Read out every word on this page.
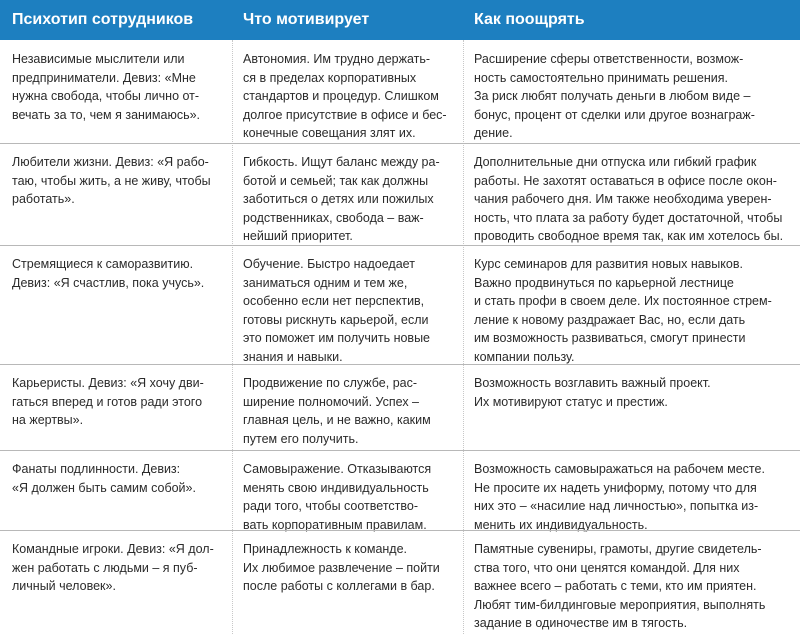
Психотип сотрудников	Что мотивирует	Как поощрять
Независимые мыслители или
предприниматели. Девиз: «Мне
нужна свобода, чтобы лично от-
вечать за то, чем я занимаюсь».
Автономия. Им трудно держать-
ся в пределах корпоративных
стандартов и процедур. Слишком
долгое присутствие в офисе и бес-
конечные совещания злят их.
Расширение сферы ответственности, возмож-
ность самостоятельно принимать решения.
За риск любят получать деньги в любом виде –
бонус, процент от сделки или другое вознаграж-
дение.
Любители жизни. Девиз: «Я рабо-
таю, чтобы жить, а не живу, чтобы
работать».
Гибкость. Ищут баланс между ра-
ботой и семьей; так как должны
заботиться о детях или пожилых
родственниках, свобода – важ-
нейший приоритет.
Дополнительные дни отпуска или гибкий график
работы. Не захотят оставаться в офисе после окон-
чания рабочего дня. Им также необходима уверен-
ность, что плата за работу будет достаточной, чтобы
проводить свободное время так, как им хотелось бы.
Стремящиеся к саморазвитию.
Девиз: «Я счастлив, пока учусь».
Обучение. Быстро надоедает
заниматься одним и тем же,
особенно если нет перспектив,
готовы рискнуть карьерой, если
это поможет им получить новые
знания и навыки.
Курс семинаров для развития новых навыков.
Важно продвинуться по карьерной лестнице
и стать профи в своем деле. Их постоянное стрем-
ление к новому раздражает Вас, но, если дать
им возможность развиваться, смогут принести
компании пользу.
Карьеристы. Девиз: «Я хочу дви-
гаться вперед и готов ради этого
на жертвы».
Продвижение по службе, рас-
ширение полномочий. Успех –
главная цель, и не важно, каким
путем его получить.
Возможность возглавить важный проект.
Их мотивируют статус и престиж.
Фанаты подлинности. Девиз:
«Я должен быть самим собой».
Самовыражение. Отказываются
менять свою индивидуальность
ради того, чтобы соответство-
вать корпоративным правилам.
Возможность самовыражаться на рабочем месте.
Не просите их надеть униформу, потому что для
них это – «насилие над личностью», попытка из-
менить их индивидуальность.
Командные игроки. Девиз: «Я дол-
жен работать с людьми – я пуб-
личный человек».
Принадлежность к команде.
Их любимое развлечение – пойти
после работы с коллегами в бар.
Памятные сувениры, грамоты, другие свидетель-
ства того, что они ценятся командой. Для них
важнее всего – работать с теми, кто им приятен.
Любят тим-билдинговые мероприятия, выполнять
задание в одиночестве им в тягость.
